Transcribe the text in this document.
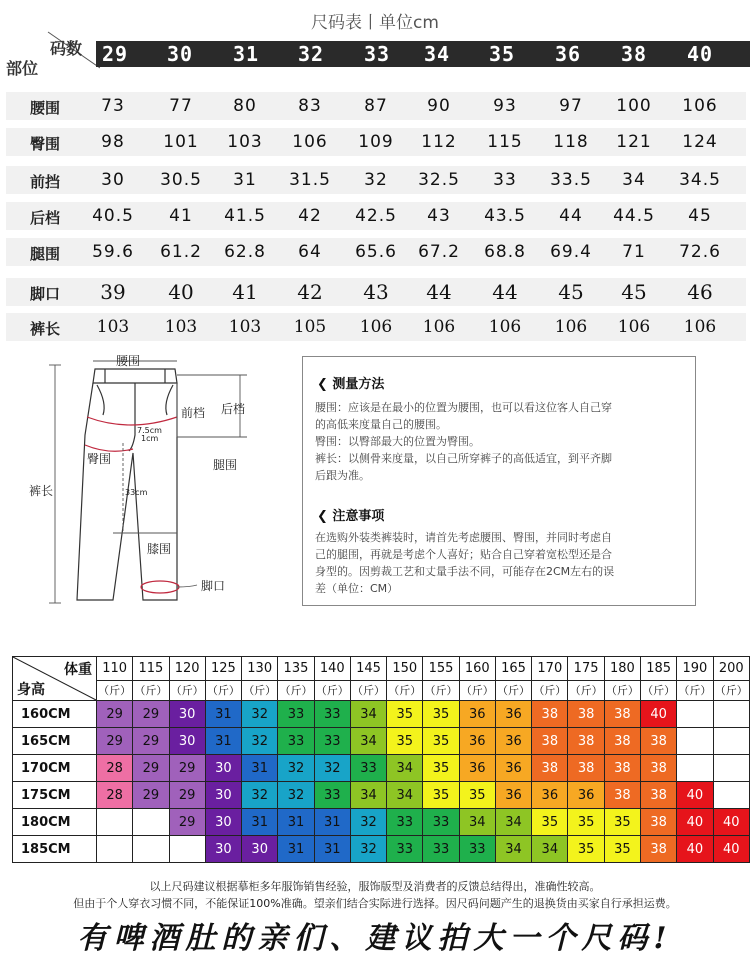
尺码表丨单位cm
码数
部位
29 30 31 32 33 34 35 36 38 40
腰围 73	77 80 83 87 90 93 97 100 106
臀围 98 101 103 106 109 112 115 118 121 124
前挡 30 30.5 31 31.5 32 32.5 33 33.5 34 34.5
后档 40.5 41 41.5 42 42.5 43 43.5 44 44.5 45
腿围 59.6 61.2 62.8 64 65.6 67.2 68.8 69.4 71 72.6
脚口 39 40 41 42 43 44 44 45 45 46
裤长 103 103 103 105 106 106 106 106 106 106
腰围
前档 后档
臀围	腿围
裤长
膝围
脚口
7.5cm
1cm
33cm
❮ 测量方法
腰围：应该是在最小的位置为腰围，也可以看这位客人自己穿
的高低来度量自己的腰围。
臀围：以臀部最大的位置为臀围。
裤长：以侧骨来度量，以自己所穿裤子的高低适宜，到平齐脚
后跟为准。
❮ 注意事项
在选购外装类裤装时，请首先考虑腰围、臀围，并同时考虑自
己的腿围，再就是考虑个人喜好；贴合自己穿着宽松型还是合
身型的。因剪裁工艺和丈量手法不同，可能存在2CM左右的误
差（单位：CM）
体重
身高	110	115	120	125	130	135	140	145	150	155	160	165	170	175	180	185	190	200
	（斤）	（斤）	（斤）	（斤）	（斤）	（斤）	（斤）	（斤）	（斤）	（斤）	（斤）	（斤）	（斤）	（斤）	（斤）	（斤）	（斤）	（斤）
160CM	29	29	30	31	32	33	33	34	35	35	36	36	38	38	38	40		
165CM	29	29	30	31	32	33	33	34	35	35	36	36	38	38	38	38		
170CM	28	29	29	30	31	32	32	33	34	35	36	36	38	38	38	38		
175CM	28	29	29	30	32	32	33	34	34	35	35	36	36	36	38	38	40	
180CM			29	30	31	31	31	32	33	33	34	34	35	35	35	38	40	40
185CM				30	30	31	31	32	33	33	33	34	34	35	35	38	40	40
以上尺码建议根据摹柜多年服饰销售经验，服饰版型及消费者的反馈总结得出，准确性较高。
但由于个人穿衣习惯不同，不能保证100%准确。望亲们结合实际进行选择。因尺码问题产生的退换货由买家自行承担运费。
有啤酒肚的亲们、建议拍大一个尺码!
